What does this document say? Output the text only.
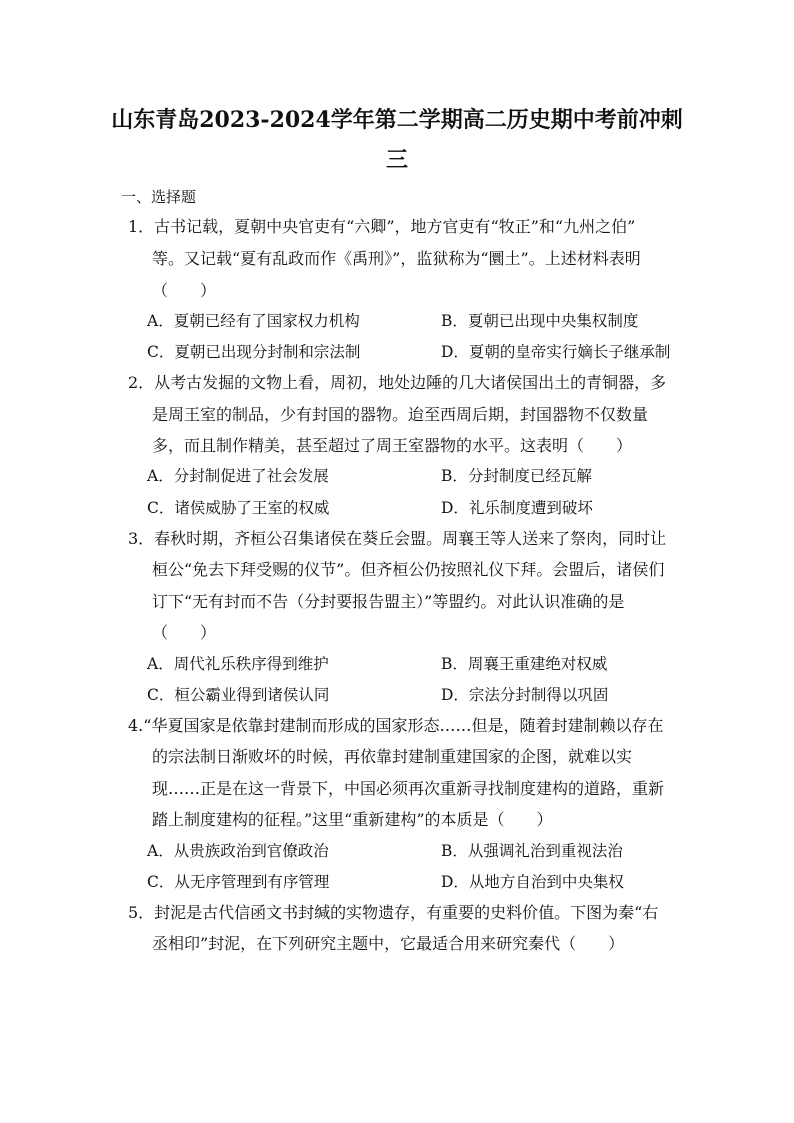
山东青岛2023-2024学年第二学期高二历史期中考前冲刺
三
一、选择题
1．古书记载，夏朝中央官吏有“六卿”，地方官吏有“牧正”和“九州之伯”
等。又记载“夏有乱政而作《禹刑》”，监狱称为“圜土”。上述材料表明
（　　）
A．夏朝已经有了国家权力机构	B．夏朝已出现中央集权制度
C．夏朝已出现分封制和宗法制	D．夏朝的皇帝实行嫡长子继承制
2．从考古发掘的文物上看，周初，地处边陲的几大诸侯国出土的青铜器，多
是周王室的制品，少有封国的器物。迨至西周后期，封国器物不仅数量
多，而且制作精美，甚至超过了周王室器物的水平。这表明（　　）
A．分封制促进了社会发展	B．分封制度已经瓦解
C．诸侯威胁了王室的权威	D．礼乐制度遭到破坏
3．春秋时期，齐桓公召集诸侯在葵丘会盟。周襄王等人送来了祭肉，同时让
桓公“免去下拜受赐的仪节”。但齐桓公仍按照礼仪下拜。会盟后，诸侯们
订下“无有封而不告（分封要报告盟主）”等盟约。对此认识准确的是
（　　）
A．周代礼乐秩序得到维护	B．周襄王重建绝对权威
C．桓公霸业得到诸侯认同	D．宗法分封制得以巩固
4.“华夏国家是依靠封建制而形成的国家形态……但是，随着封建制赖以存在
的宗法制日渐败坏的时候，再依靠封建制重建国家的企图，就难以实
现……正是在这一背景下，中国必须再次重新寻找制度建构的道路，重新
踏上制度建构的征程。”这里“重新建构”的本质是（　　）
A．从贵族政治到官僚政治	B．从强调礼治到重视法治
C．从无序管理到有序管理	D．从地方自治到中央集权
5．封泥是古代信函文书封缄的实物遗存，有重要的史料价值。下图为秦“右
丞相印”封泥，在下列研究主题中，它最适合用来研究秦代（　　）
